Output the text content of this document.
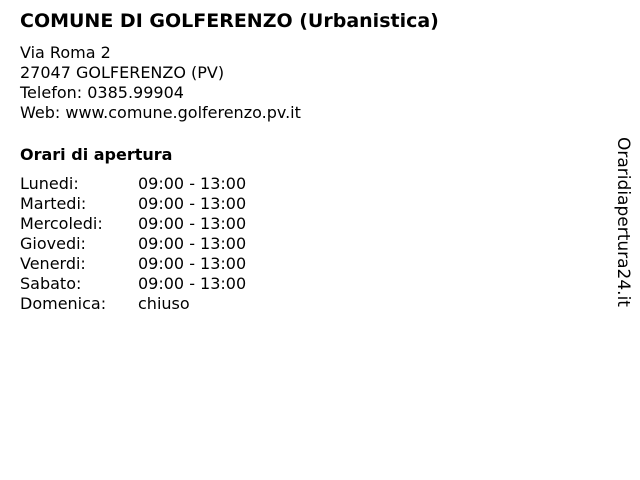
COMUNE DI GOLFERENZO (Urbanistica)
Via Roma 2
27047 GOLFERENZO (PV)
Telefon: 0385.99904
Web: www.comune.golferenzo.pv.it
Orari di apertura
Lunedi:	09:00 - 13:00
Martedi:	09:00 - 13:00
Mercoledi:	09:00 - 13:00
Giovedi:	09:00 - 13:00
Venerdi:	09:00 - 13:00
Sabato:	09:00 - 13:00
Domenica:	chiuso	Oraridiapertura24.it
